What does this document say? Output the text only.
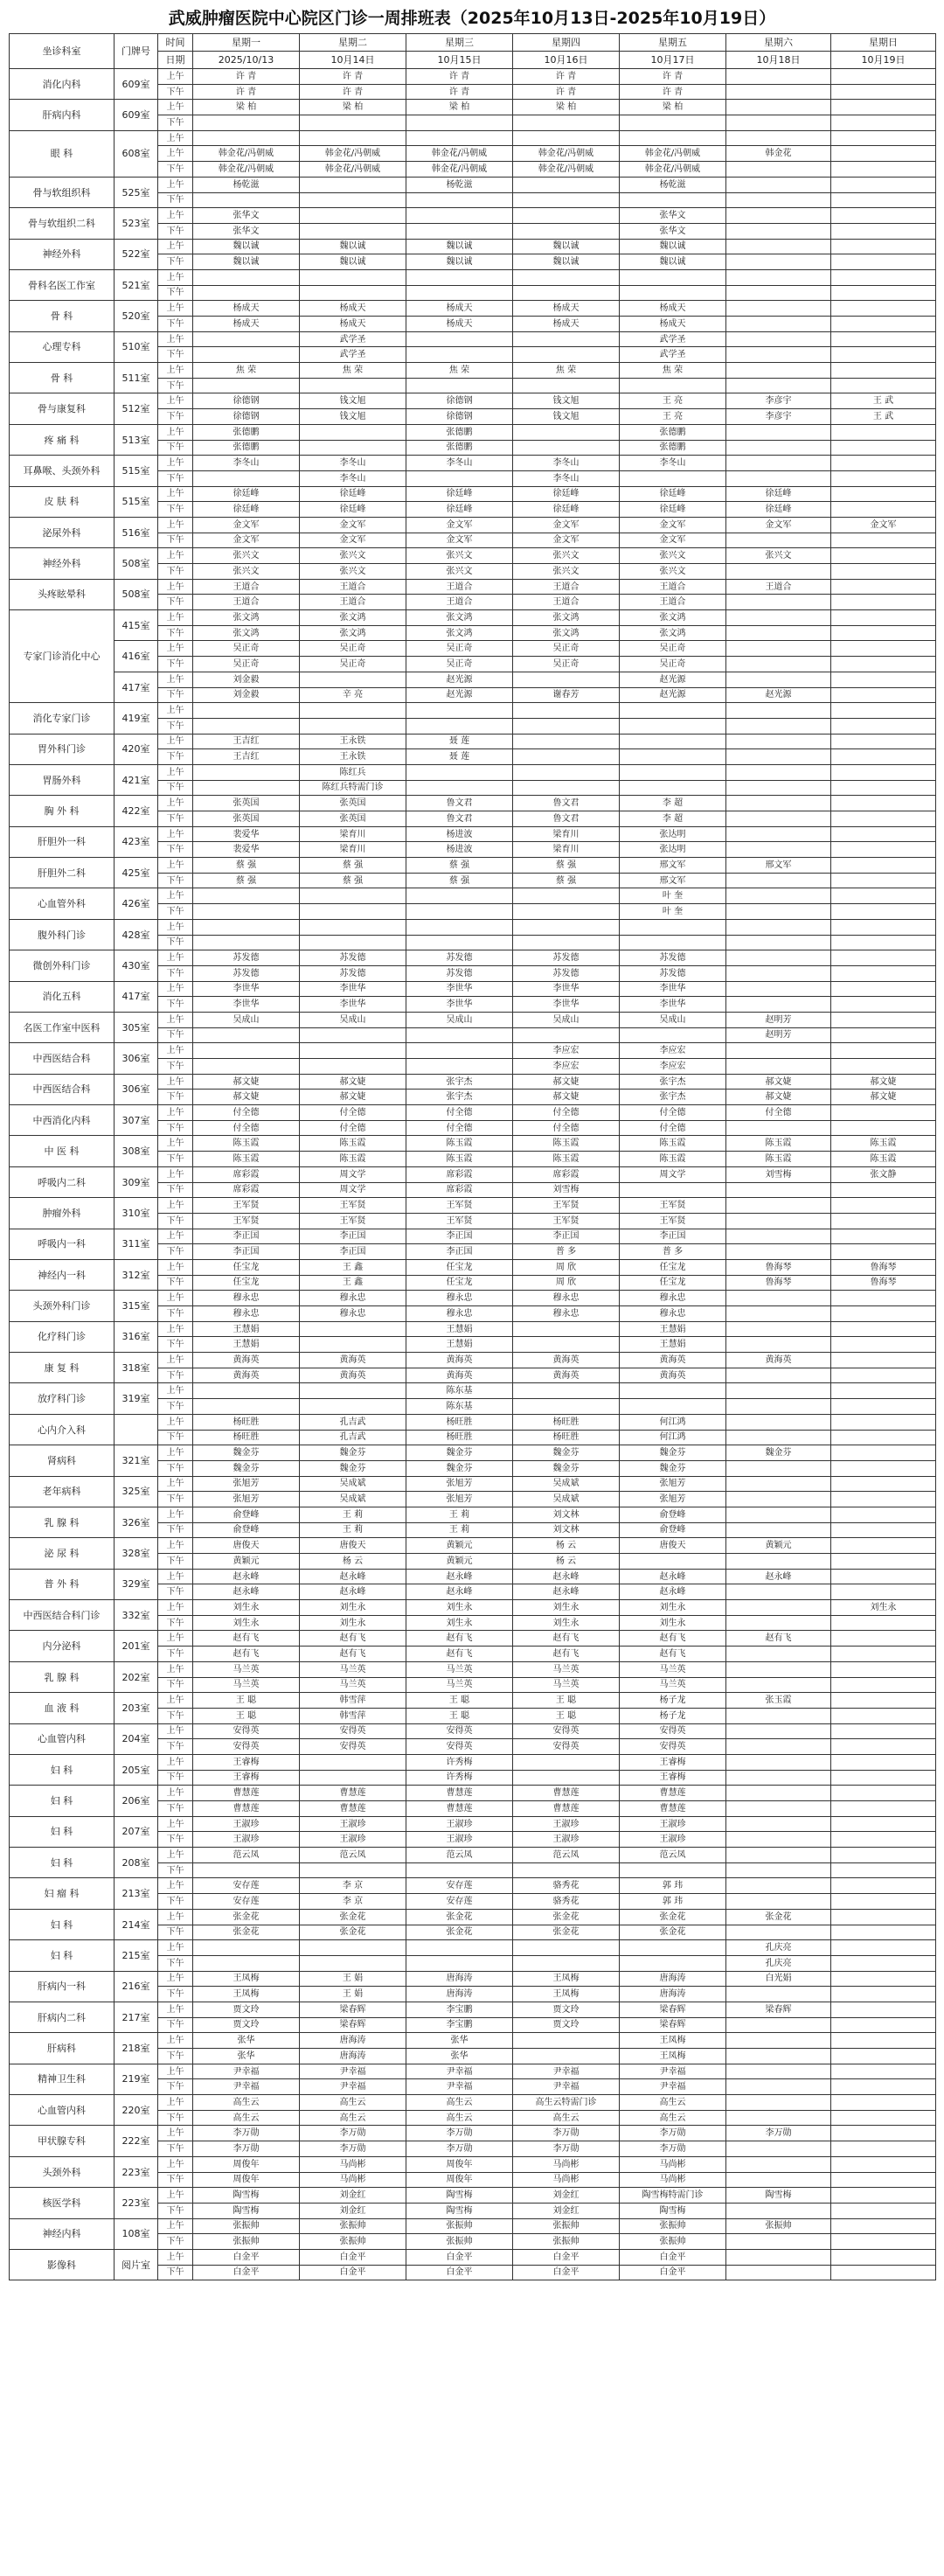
武威肿瘤医院中心院区门诊一周排班表（2025年10月13日-2025年10月19日）
坐诊科室	门牌号	时间	星期一	星期二	星期三	星期四	星期五	星期六	星期日
		日期	2025/10/13	10月14日	10月15日	10月16日	10月17日	10月18日	10月19日
消化内科	609室	上午	许 青	许 青	许 青	许 青	许 青		
		下午	许 青	许 青	许 青	许 青	许 青		
肝病内科	609室	上午	梁 柏	梁 柏	梁 柏	梁 柏	梁 柏		
		下午							
眼 科	608室	上午							
		上午	韩金花/冯朝威	韩金花/冯朝威	韩金花/冯朝威	韩金花/冯朝威	韩金花/冯朝威	韩金花	
		下午	韩金花/冯朝威	韩金花/冯朝威	韩金花/冯朝威	韩金花/冯朝威	韩金花/冯朝威		
骨与软组织科	525室	上午	杨乾滋		杨乾滋		杨乾滋		
		下午							
骨与软组织二科	523室	上午	张华文				张华文		
		下午	张华文				张华文		
神经外科	522室	上午	魏以诚	魏以诚	魏以诚	魏以诚	魏以诚		
		下午	魏以诚	魏以诚	魏以诚	魏以诚	魏以诚		
骨科名医工作室	521室	上午							
		下午							
骨 科	520室	上午	杨成天	杨成天	杨成天	杨成天	杨成天		
		下午	杨成天	杨成天	杨成天	杨成天	杨成天		
心理专科	510室	上午		武学圣			武学圣		
		下午		武学圣			武学圣		
骨 科	511室	上午	焦 荣	焦 荣	焦 荣	焦 荣	焦 荣		
		下午							
骨与康复科	512室	上午	徐德钢	钱文旭	徐德钢	钱文旭	王 亮	李彦宇	王 武
		下午	徐德钢	钱文旭	徐德钢	钱文旭	王 亮	李彦宇	王 武
疼 痛 科	513室	上午	张德鹏		张德鹏		张德鹏		
		下午	张德鹏		张德鹏		张德鹏		
耳鼻喉、头颈外科	515室	上午	李冬山	李冬山	李冬山	李冬山	李冬山		
		下午		李冬山		李冬山			
皮 肤 科	515室	上午	徐廷峰	徐廷峰	徐廷峰	徐廷峰	徐廷峰	徐廷峰	
		下午	徐廷峰	徐廷峰	徐廷峰	徐廷峰	徐廷峰	徐廷峰	
泌尿外科	516室	上午	金文军	金文军	金文军	金文军	金文军	金文军	金文军
		下午	金文军	金文军	金文军	金文军	金文军		
神经外科	508室	上午	张兴文	张兴文	张兴文	张兴文	张兴文	张兴文	
		下午	张兴文	张兴文	张兴文	张兴文	张兴文		
头疼眩晕科	508室	上午	王道合	王道合	王道合	王道合	王道合	王道合	
		下午	王道合	王道合	王道合	王道合	王道合		
专家门诊消化中心	415室	上午	张文鸿	张文鸿	张文鸿	张文鸿	张文鸿		
		下午	张文鸿	张文鸿	张文鸿	张文鸿	张文鸿		
	416室	上午	吴正奇	吴正奇	吴正奇	吴正奇	吴正奇		
		下午	吴正奇	吴正奇	吴正奇	吴正奇	吴正奇		
	417室	上午	刘金毅		赵光源		赵光源		
		下午	刘金毅	辛 亮	赵光源	谢春芳	赵光源	赵光源	
消化专家门诊	419室	上午							
		下午							
胃外科门诊	420室	上午	王吉红	王永铁	聂 莲				
		下午	王吉红	王永铁	聂 莲				
胃肠外科	421室	上午		陈红兵					
		下午		陈红兵特需门诊					
胸 外 科	422室	上午	张英国	张英国	鲁文君	鲁文君	李 超		
		下午	张英国	张英国	鲁文君	鲁文君	李 超		
肝胆外一科	423室	上午	裴爱华	梁育川	杨进波	梁育川	张达明		
		下午	裴爱华	梁育川	杨进波	梁育川	张达明		
肝胆外二科	425室	上午	蔡 强	蔡 强	蔡 强	蔡 强	邢文军	邢文军	
		下午	蔡 强	蔡 强	蔡 强	蔡 强	邢文军		
心血管外科	426室	上午					叶 奎		
		下午					叶 奎		
腹外科门诊	428室	上午							
		下午							
微创外科门诊	430室	上午	苏发德	苏发德	苏发德	苏发德	苏发德		
		下午	苏发德	苏发德	苏发德	苏发德	苏发德		
消化五科	417室	上午	李世华	李世华	李世华	李世华	李世华		
		下午	李世华	李世华	李世华	李世华	李世华		
名医工作室中医科	305室	上午	吴成山	吴成山	吴成山	吴成山	吴成山	赵明芳	
		下午						赵明芳	
中西医结合科	306室	上午				李应宏	李应宏		
		下午				李应宏	李应宏		
中西医结合科	306室	上午	郝文婕	郝文婕	张宇杰	郝文婕	张宇杰	郝文婕	郝文婕
		下午	郝文婕	郝文婕	张宇杰	郝文婕	张宇杰	郝文婕	郝文婕
中西消化内科	307室	上午	付全德	付全德	付全德	付全德	付全德	付全德	
		下午	付全德	付全德	付全德	付全德	付全德		
中 医 科	308室	上午	陈玉霞	陈玉霞	陈玉霞	陈玉霞	陈玉霞	陈玉霞	陈玉霞
		下午	陈玉霞	陈玉霞	陈玉霞	陈玉霞	陈玉霞	陈玉霞	陈玉霞
呼吸内二科	309室	上午	席彩霞	周文学	席彩霞	席彩霞	周文学	刘雪梅	张文静
		下午	席彩霞	周文学	席彩霞	刘雪梅			
肿瘤外科	310室	上午	王军贤	王军贤	王军贤	王军贤	王军贤		
		下午	王军贤	王军贤	王军贤	王军贤	王军贤		
呼吸内一科	311室	上午	李正国	李正国	李正国	李正国	李正国		
		下午	李正国	李正国	李正国	普 多	普 多		
神经内一科	312室	上午	任宝龙	王 鑫	任宝龙	周 欣	任宝龙	鲁海琴	鲁海琴
		下午	任宝龙	王 鑫	任宝龙	周 欣	任宝龙	鲁海琴	鲁海琴
头颈外科门诊	315室	上午	穆永忠	穆永忠	穆永忠	穆永忠	穆永忠		
		下午	穆永忠	穆永忠	穆永忠	穆永忠	穆永忠		
化疗科门诊	316室	上午	王慧娟		王慧娟		王慧娟		
		下午	王慧娟		王慧娟		王慧娟		
康 复 科	318室	上午	黄海英	黄海英	黄海英	黄海英	黄海英	黄海英	
		下午	黄海英	黄海英	黄海英	黄海英	黄海英		
放疗科门诊	319室	上午			陈东基				
		下午			陈东基				
心内介入科		上午	杨旺胜	孔吉武	杨旺胜	杨旺胜	何江鸿		
		下午	杨旺胜	孔吉武	杨旺胜	杨旺胜	何江鸿		
肾病科	321室	上午	魏金芬	魏金芬	魏金芬	魏金芬	魏金芬	魏金芬	
		下午	魏金芬	魏金芬	魏金芬	魏金芬	魏金芬		
老年病科	325室	上午	张旭芳	吴成斌	张旭芳	吴成斌	张旭芳		
		下午	张旭芳	吴成斌	张旭芳	吴成斌	张旭芳		
乳 腺 科	326室	上午	俞登峰	王 莉	王 莉	刘文林	俞登峰		
		下午	俞登峰	王 莉	王 莉	刘文林	俞登峰		
泌 尿 科	328室	上午	唐俊天	唐俊天	黄颖元	杨 云	唐俊天	黄颖元	
		下午	黄颖元	杨 云	黄颖元	杨 云			
普 外 科	329室	上午	赵永峰	赵永峰	赵永峰	赵永峰	赵永峰	赵永峰	
		下午	赵永峰	赵永峰	赵永峰	赵永峰	赵永峰		
中西医结合科门诊	332室	上午	刘生永	刘生永	刘生永	刘生永	刘生永		刘生永
		下午	刘生永	刘生永	刘生永	刘生永	刘生永		
内分泌科	201室	上午	赵有飞	赵有飞	赵有飞	赵有飞	赵有飞	赵有飞	
		下午	赵有飞	赵有飞	赵有飞	赵有飞	赵有飞		
乳 腺 科	202室	上午	马兰英	马兰英	马兰英	马兰英	马兰英		
		下午	马兰英	马兰英	马兰英	马兰英	马兰英		
血 液 科	203室	上午	王 聪	韩雪萍	王 聪	王 聪	杨子龙	张玉霞	
		下午	王 聪	韩雪萍	王 聪	王 聪	杨子龙		
心血管内科	204室	上午	安得英	安得英	安得英	安得英	安得英		
		下午	安得英	安得英	安得英	安得英	安得英		
妇 科	205室	上午	王睿梅		许秀梅		王睿梅		
		下午	王睿梅		许秀梅		王睿梅		
妇 科	206室	上午	曹慧莲	曹慧莲	曹慧莲	曹慧莲	曹慧莲		
		下午	曹慧莲	曹慧莲	曹慧莲	曹慧莲	曹慧莲		
妇 科	207室	上午	王淑珍	王淑珍	王淑珍	王淑珍	王淑珍		
		下午	王淑珍	王淑珍	王淑珍	王淑珍	王淑珍		
妇 科	208室	上午	范云凤	范云凤	范云凤	范云凤	范云凤		
		下午							
妇 瘤 科	213室	上午	安存莲	李 京	安存莲	骆秀花	郭 玮		
		下午	安存莲	李 京	安存莲	骆秀花	郭 玮		
妇 科	214室	上午	张金花	张金花	张金花	张金花	张金花	张金花	
		下午	张金花	张金花	张金花	张金花	张金花		
妇 科	215室	上午						孔庆亮	
		下午						孔庆亮	
肝病内一科	216室	上午	王凤梅	王 娟	唐海涛	王凤梅	唐海涛	白光娟	
		下午	王凤梅	王 娟	唐海涛	王凤梅	唐海涛		
肝病内二科	217室	上午	贾文玲	梁春辉	李宝鹏	贾文玲	梁春辉	梁春辉	
		下午	贾文玲	梁春辉	李宝鹏	贾文玲	梁春辉		
肝病科	218室	上午	张华	唐海涛	张华		王凤梅		
		下午	张华	唐海涛	张华		王凤梅		
精神卫生科	219室	上午	尹幸福	尹幸福	尹幸福	尹幸福	尹幸福		
		下午	尹幸福	尹幸福	尹幸福	尹幸福	尹幸福		
心血管内科	220室	上午	高生云	高生云	高生云	高生云特需门诊	高生云		
		下午	高生云	高生云	高生云	高生云	高生云		
甲状腺专科	222室	上午	李万勋	李万勋	李万勋	李万勋	李万勋	李万勋	
		下午	李万勋	李万勋	李万勋	李万勋	李万勋		
头颈外科	223室	上午	周俊年	马尚彬	周俊年	马尚彬	马尚彬		
		下午	周俊年	马尚彬	周俊年	马尚彬	马尚彬		
核医学科	223室	上午	陶雪梅	刘金红	陶雪梅	刘金红	陶雪梅特需门诊	陶雪梅	
		下午	陶雪梅	刘金红	陶雪梅	刘金红	陶雪梅		
神经内科	108室	上午	张振帅	张振帅	张振帅	张振帅	张振帅	张振帅	
		下午	张振帅	张振帅	张振帅	张振帅	张振帅		
影像科	阅片室	上午	白金平	白金平	白金平	白金平	白金平		
		下午	白金平	白金平	白金平	白金平	白金平		
